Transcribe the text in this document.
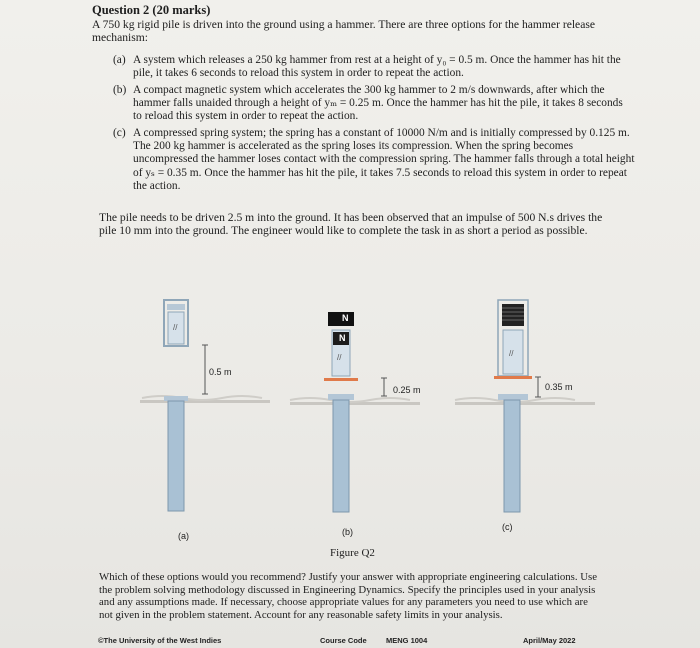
Question 2 (20 marks)
A 750 kg rigid pile is driven into the ground using a hammer. There are three options for the hammer release mechanism:
(a) A system which releases a 250 kg hammer from rest at a height of y₀ = 0.5 m. Once the hammer has hit the pile, it takes 6 seconds to reload this system in order to repeat the action.
(b) A compact magnetic system which accelerates the 300 kg hammer to 2 m/s downwards, after which the hammer falls unaided through a height of yₘ = 0.25 m. Once the hammer has hit the pile, it takes 8 seconds to reload this system in order to repeat the action.
(c) A compressed spring system; the spring has a constant of 10000 N/m and is initially compressed by 0.125 m. The 200 kg hammer is accelerated as the spring loses its compression. When the spring becomes uncompressed the hammer loses contact with the compression spring. The hammer falls through a total height of yₛ = 0.35 m. Once the hammer has hit the pile, it takes 7.5 seconds to reload this system in order to repeat the action.
The pile needs to be driven 2.5 m into the ground. It has been observed that an impulse of 500 N.s drives the pile 10 mm into the ground. The engineer would like to complete the task in as short a period as possible.
//
//	//
0.5 m
0.25 m	0.35 m
N
N
(a)	(b)	(c)
Figure Q2
Which of these options would you recommend? Justify your answer with appropriate engineering calculations. Use the problem solving methodology discussed in Engineering Dynamics. Specify the principles used in your analysis and any assumptions made. If necessary, choose appropriate values for any parameters you need to use which are not given in the problem statement. Account for any reasonable safety limits in your analysis.
©The University of the West Indies	Course Code	MENG 1004	April/May 2022
